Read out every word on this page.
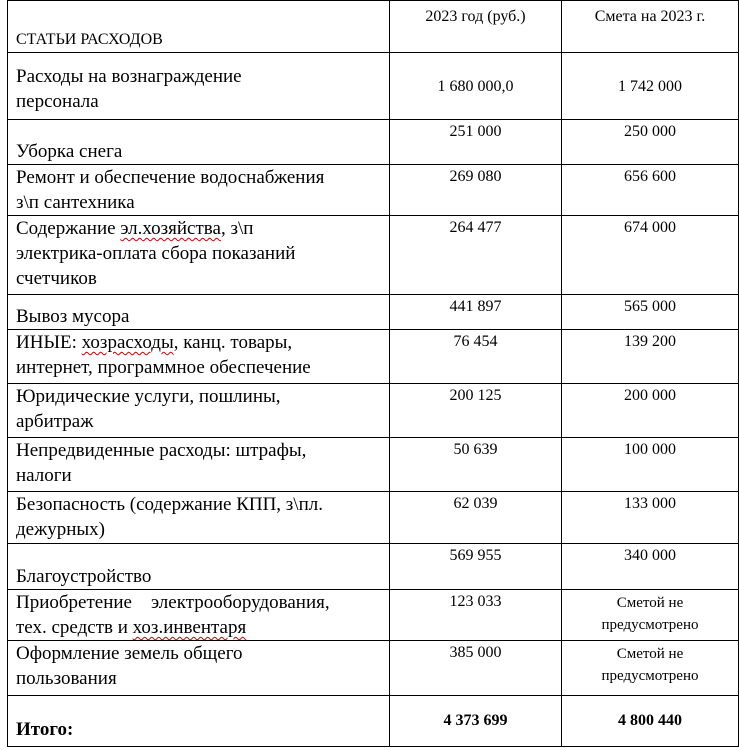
СТАТЬИ РАСХОДОВ	2023 год (руб.)	Смета на 2023 г.
Расходы на вознаграждение
персонала	1 680 000,0	1 742 000
Уборка снега	251 000	250 000
Ремонт и обеспечение водоснабжения
з\п сантехника	269 080	656 600
Содержание эл.хозяйства, з\п
электрика-оплата сбора показаний
счетчиков	264 477	674 000
Вывоз мусора	441 897	565 000
ИНЫЕ: хозрасходы, канц. товары,
интернет, программное обеспечение	76 454	139 200
Юридические услуги, пошлины,
арбитраж	200 125	200 000
Непредвиденные расходы: штрафы,
налоги	50 639	100 000
Безопасность (содержание КПП, з\пл.
дежурных)	62 039	133 000
Благоустройство	569 955	340 000
Приобретение электрооборудования,
тех. средств и хоз.инвентаря	123 033	Сметой не
предусмотрено
Оформление земель общего
пользования	385 000	Сметой не
предусмотрено
Итого:	4 373 699	4 800 440
